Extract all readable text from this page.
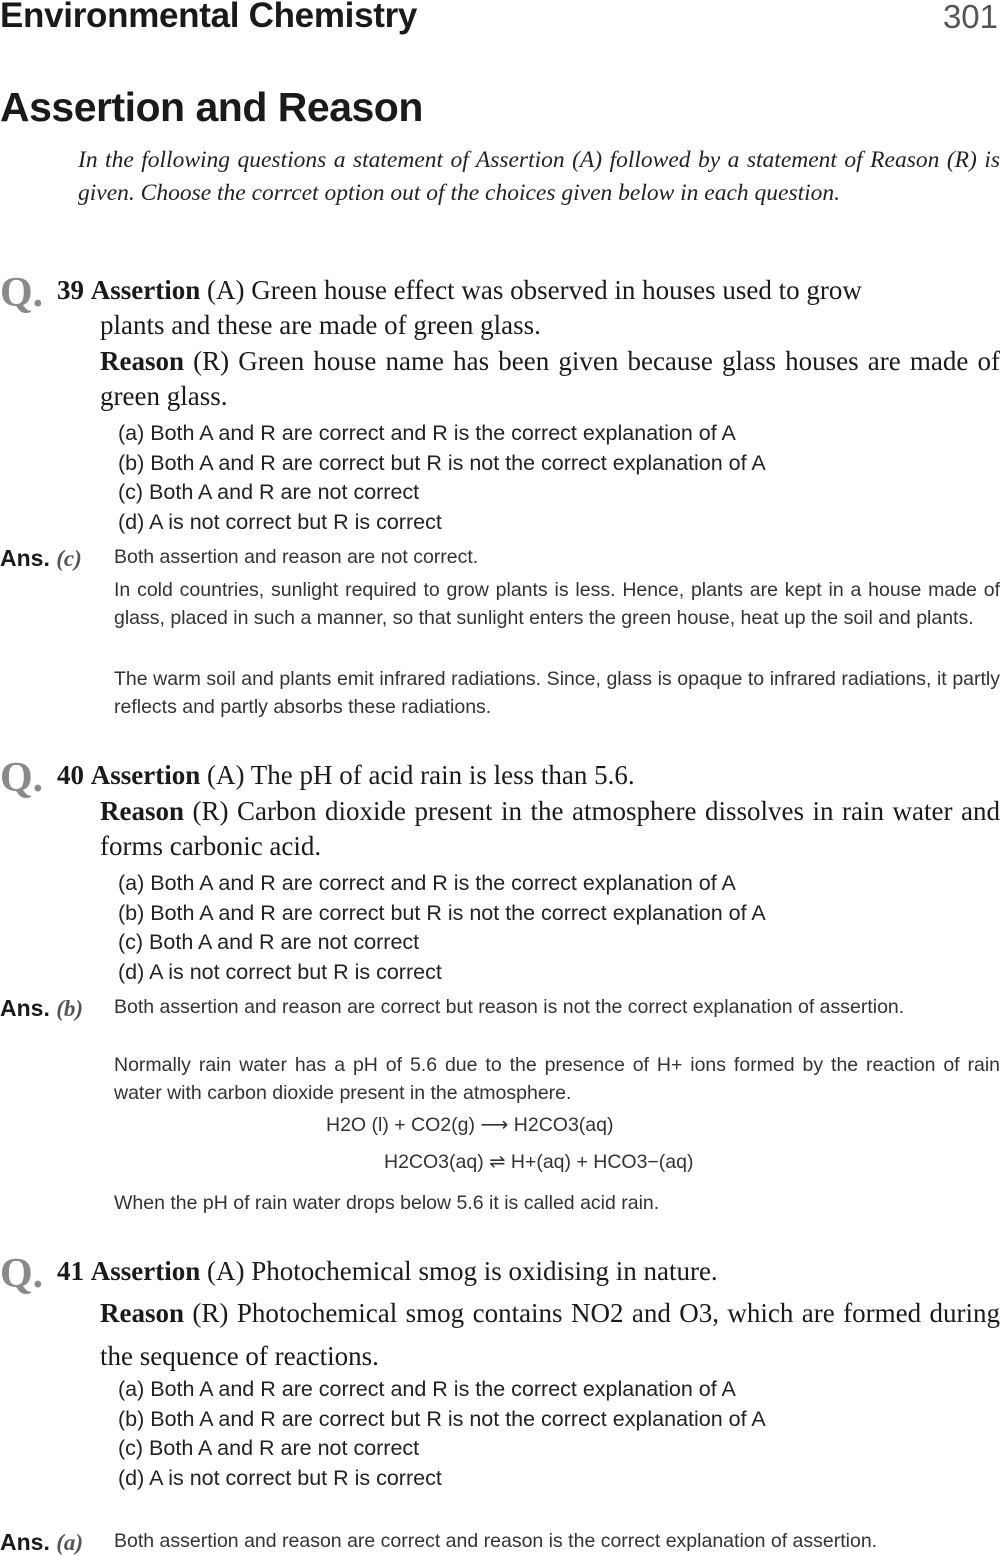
Environmental Chemistry	301
Assertion and Reason
In the following questions a statement of Assertion (A) followed by a statement of Reason (R) is given. Choose the corrcet option out of the choices given below in each question.
Q. 39 Assertion (A) Green house effect was observed in houses used to grow
plants and these are made of green glass.
Reason (R) Green house name has been given because glass houses are made of green glass.
(a) Both A and R are correct and R is the correct explanation of A
(b) Both A and R are correct but R is not the correct explanation of A
(c) Both A and R are not correct
(d) A is not correct but R is correct
Ans. (c) Both assertion and reason are not correct.
In cold countries, sunlight required to grow plants is less. Hence, plants are kept in a house made of glass, placed in such a manner, so that sunlight enters the green house, heat up the soil and plants.
The warm soil and plants emit infrared radiations. Since, glass is opaque to infrared radiations, it partly reflects and partly absorbs these radiations.
Q. 40 Assertion (A) The pH of acid rain is less than 5.6.
Reason (R) Carbon dioxide present in the atmosphere dissolves in rain water and forms carbonic acid.
(a) Both A and R are correct and R is the correct explanation of A
(b) Both A and R are correct but R is not the correct explanation of A
(c) Both A and R are not correct
(d) A is not correct but R is correct
Ans. (b) Both assertion and reason are correct but reason is not the correct explanation of assertion.
Normally rain water has a pH of 5.6 due to the presence of H+ ions formed by the reaction of rain water with carbon dioxide present in the atmosphere.
H2O (l) + CO2(g) ⟶ H2CO3(aq)
H2CO3(aq) ⇌ H+(aq) + HCO3−(aq)
When the pH of rain water drops below 5.6 it is called acid rain.
Q. 41 Assertion (A) Photochemical smog is oxidising in nature.
Reason (R) Photochemical smog contains NO2 and O3, which are formed during the sequence of reactions.
(a) Both A and R are correct and R is the correct explanation of A
(b) Both A and R are correct but R is not the correct explanation of A
(c) Both A and R are not correct
(d) A is not correct but R is correct
Ans. (a) Both assertion and reason are correct and reason is the correct explanation of assertion.
